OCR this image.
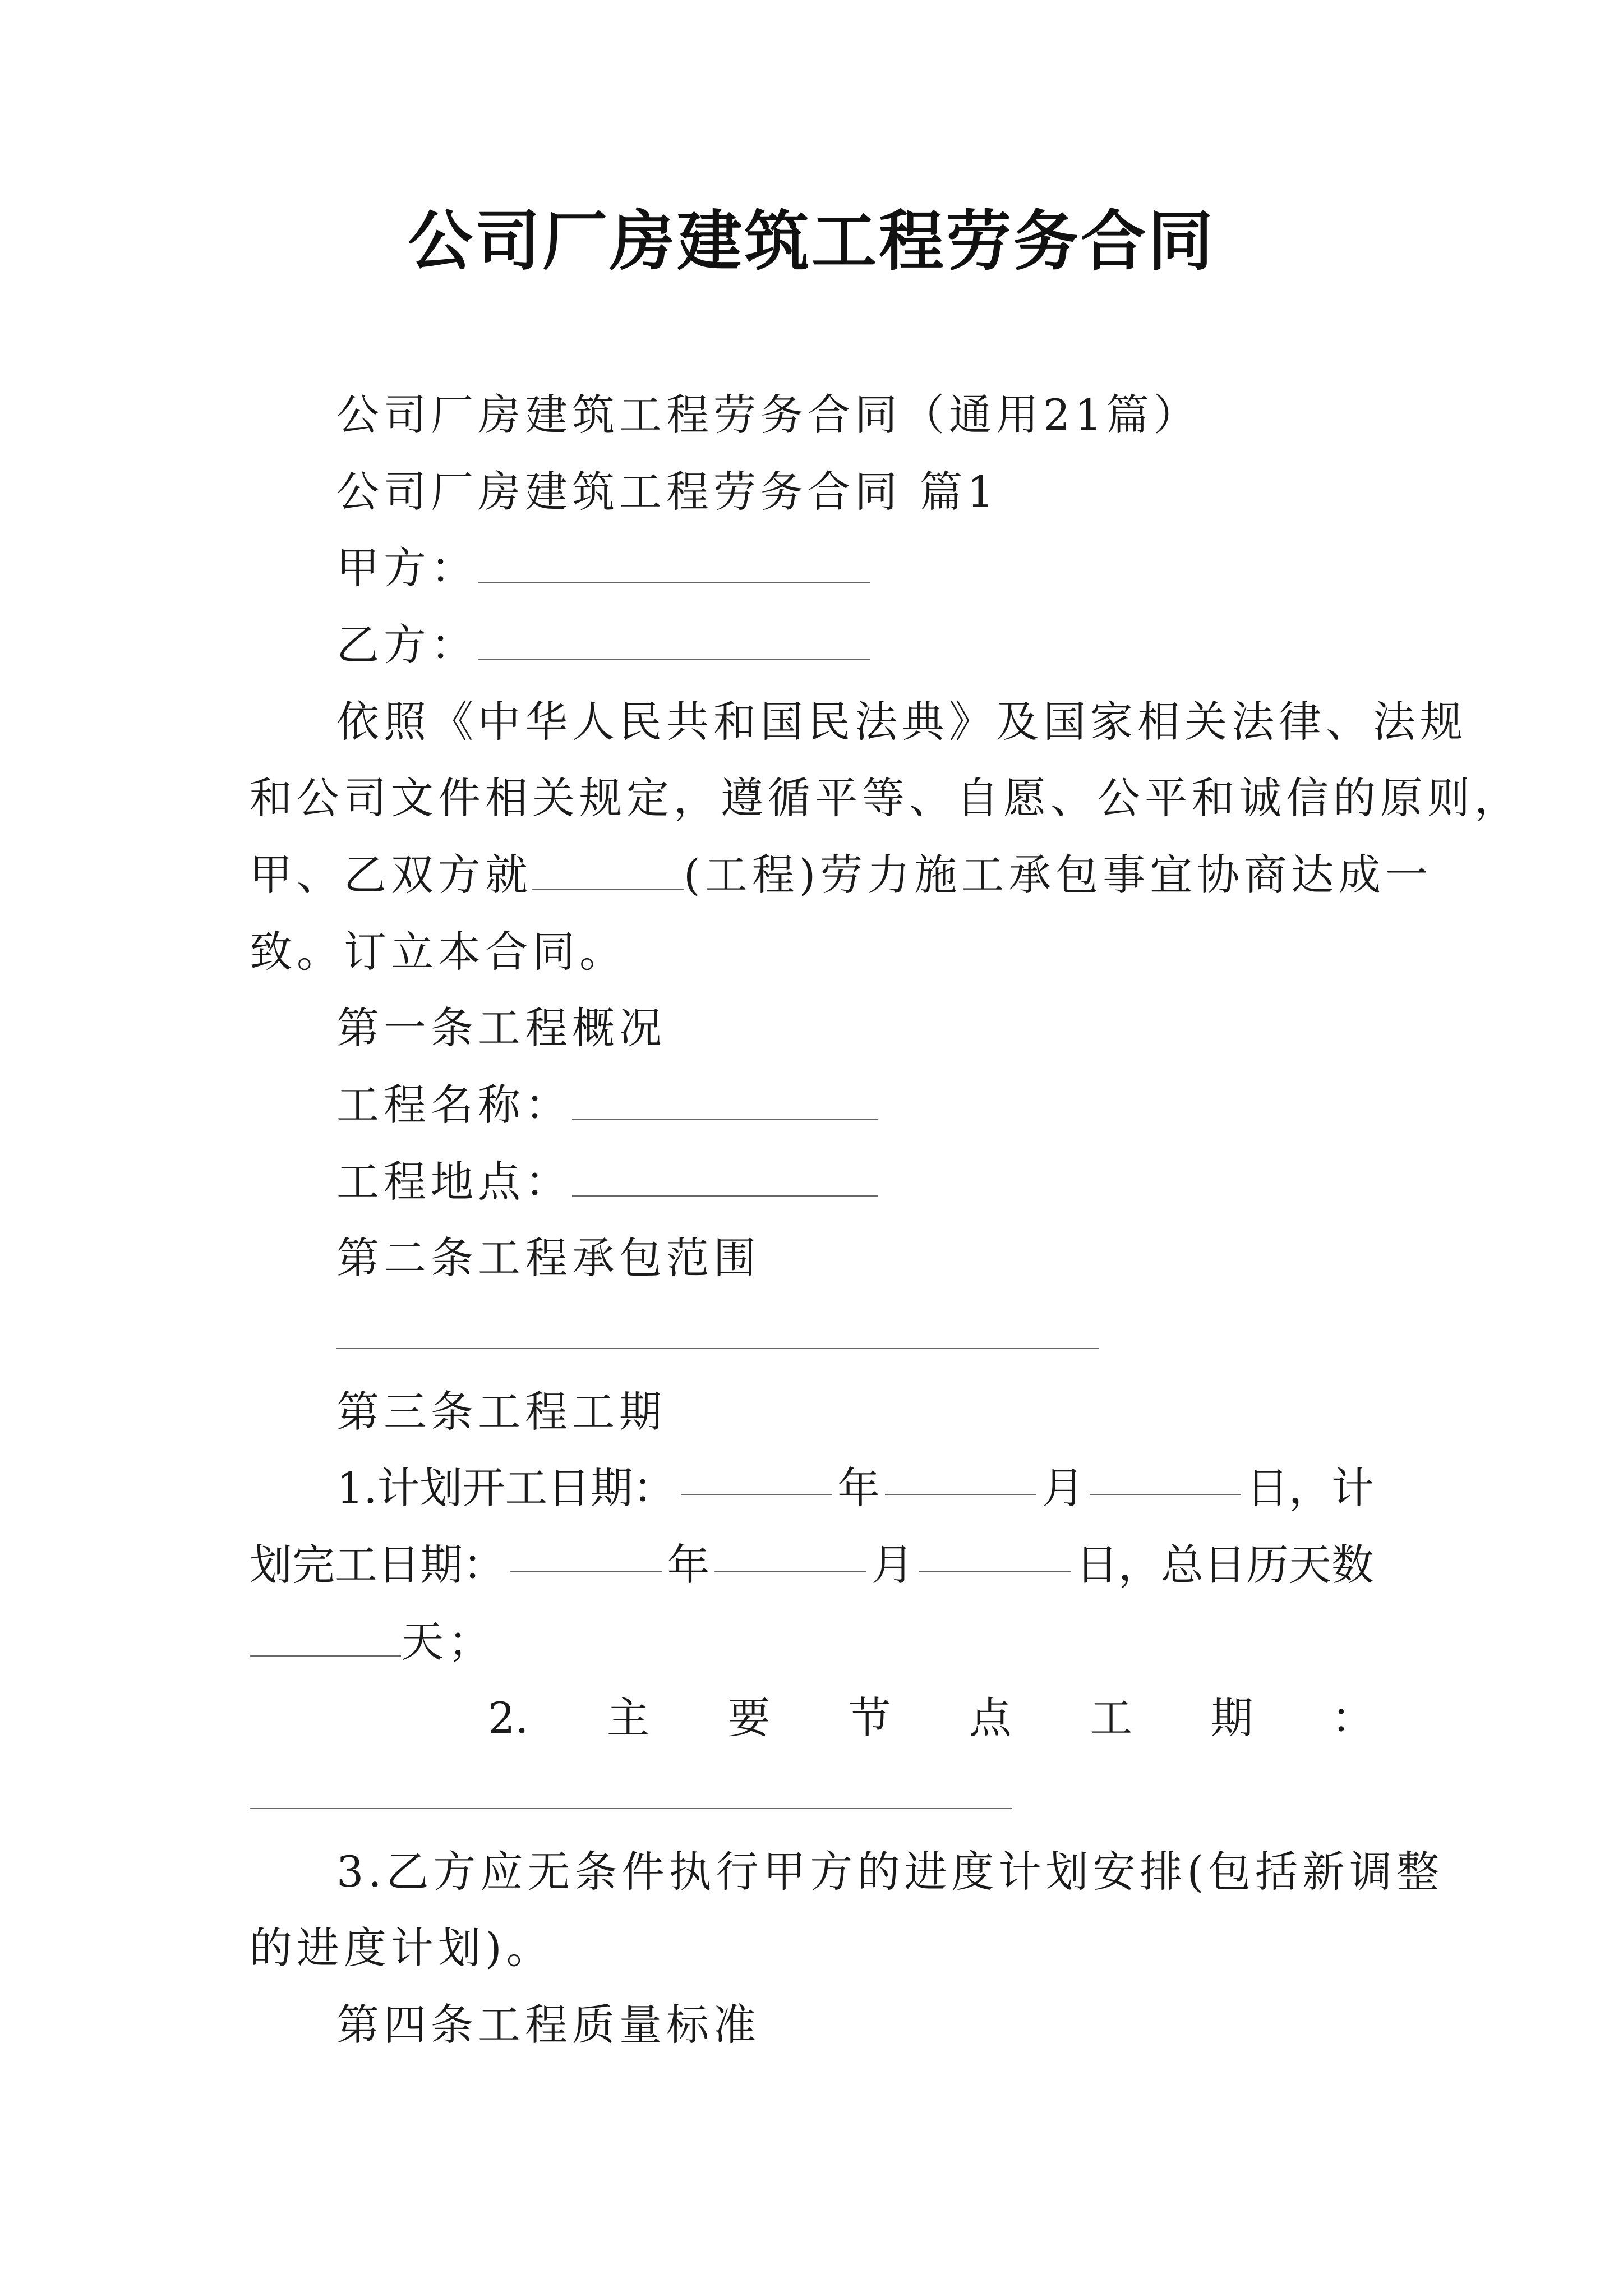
公司厂房建筑工程劳务合同
公司厂房建筑工程劳务合同（通用21篇）
公司厂房建筑工程劳务合同 篇1
甲方：
乙方：
依照《中华人民共和国民法典》及国家相关法律、法规
和公司文件相关规定，遵循平等、自愿、公平和诚信的原则，
甲、乙双方就	(工程)劳力施工承包事宜协商达成一
致。订立本合同。
第一条工程概况
工程名称：
工程地点：
第二条工程承包范围
第三条工程工期
1.计划开工日期：	年	月	日，计
划完工日期：	年	月	日，总日历天数
天；
2. 主 要 节 点 工 期 ：
3.乙方应无条件执行甲方的进度计划安排(包括新调整
的进度计划)。
第四条工程质量标准
